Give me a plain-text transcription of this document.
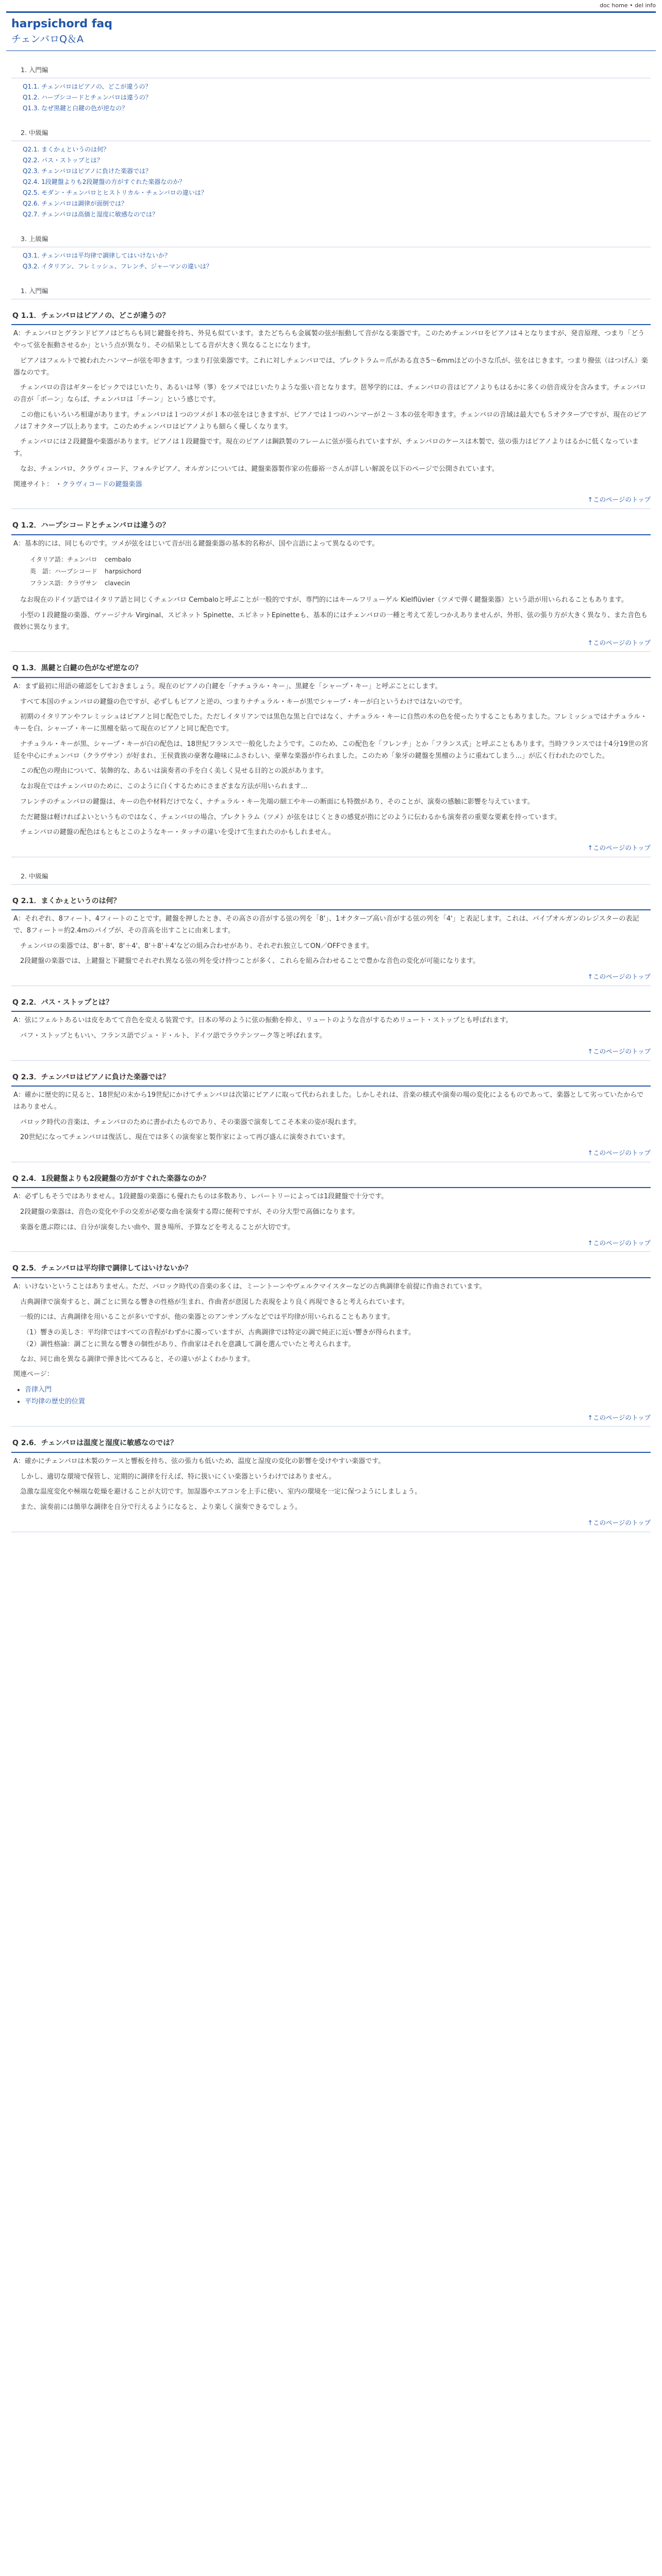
doc home • del info
harpsichord faq
チェンバロQ＆A
1. 入門編
Q1.1. チェンバロはピアノの、どこが違うの？
Q1.2. ハープシコードとチェンバロは違うの？
Q1.3. なぜ黒鍵と白鍵の色が逆なの？
2. 中級編
Q2.1. まくかぇというのは何？
Q2.2. パス・ストップとは？
Q2.3. チェンバロはピアノに負けた楽器では？
Q2.4. 1段鍵盤よりも2段鍵盤の方がすぐれた楽器なのか？
Q2.5. モダン・チェンバロとヒストリカル・チェンバロの違いは？
Q2.6. チェンバロは調律が面倒では？
Q2.7. チェンバロは高価と湿度に敏感なのでは？
3. 上級編
Q3.1. チェンバロは平均律で調律してはいけないか？
Q3.2. イタリアン、フレミッシュ、フレンチ、ジャーマンの違いは？
1. 入門編
Q 1.1．チェンバロはピアノの、どこが違うの？

A：チェンバロとグランドピアノはどちらも同じ鍵盤を持ち、外見も似ています。またどちらも金属製の弦が振動して音がなる楽器です。このためチェンバロをピアノは４となりますが、発音原理、つまり「どうやって弦を振動させるか」という点が異なり、その結果としてる音が大きく異なることになります。

ピアノはフェルトで被われたハンマーが弦を叩きます。つまり打弦楽器です。これに対しチェンバロでは、プレクトラム＝爪がある直さ5～6mmほどの小さな爪が、弦をはじきます。つまり撥弦（はつげん）楽器なのです。

チェンバロの音はギターをピックではじいたり、あるいは琴（箏）をツメではじいたりような張い音となります。琶琴学的には、チェンバロの音はピアノよりもはるかに多くの倍音成分を含みます。チェンバロの音が「ボーン」ならば、チェンバロは「チーン」という感じです。

この他にもいろいろ相違があります。チェンバロは１つのツメが１本の弦をはじきますが、ピアノでは１つのハンマーが２～３本の弦を叩きます。チェンバロの音域は最大でも５オクターブですが、現在のピアノは７オクターブ以上あります。このためチェンバロはピアノよりも細らく優しくなります。

チェンバロには２段鍵盤や楽器があります。ピアノは１段鍵盤です。現在のピアノは鋼鉄製のフレームに弦が張られていますが、チェンバロのケースは木製で、弦の張力はピアノよりはるかに低くなっています。

なお、チェンバロ、クラヴィコード、フォルテピアノ、オルガンについては、鍵盤楽器製作家の佐藤裕一さんが詳しい解説を以下のページで公開されています。

関連サイト： ・クラヴィコードの鍵盤楽器

↑このページのトップ
Q 1.2．ハープシコードとチェンバロは違うの？

A：基本的には、同じものです。ツメが弦をはじいて音が出る鍵盤楽器の基本的名称が、国や言語によって異なるのです。

イタリア語：チェンバロ	cembalo
英　語：ハープシコード	harpsichord
フランス語：クラヴサン	clavecin

なお現在のドイツ語ではイタリア語と同じくチェンバロ Cembaloと呼ぶことが一般的ですが、専門的にはキールフリューゲル Kielflüvier（ツメで弾く鍵盤楽器）という語が用いられることもあります。

小型の１段鍵盤の楽器、ヴァージナル Virginal、スピネット Spinette、エピネットEpinetteも、基本的にはチェンバロの一種と考えて差しつかえありませんが、外形、弦の張り方が大きく異なり、また音色も微妙に異なります。

↑このページのトップ
Q 1.3．黒鍵と白鍵の色がなぜ逆なの？

A：まず最初に用語の確認をしておきましょう。現在のピアノの白鍵を「ナチュラル・キー」、黒鍵を「シャープ・キー」と呼ぶことにします。

すべて本国のチェンバロの鍵盤の色ですが、必ずしもピアノと逆の、つまりナチュラル・キーが黒でシャープ・キーが白というわけではないのです。

初期のイタリアンやフレミッシュはピアノと同じ配色でした。ただしイタリアンでは黒色な黒と白ではなく、ナチュラル・キーに自然の木の色を使ったりすることもありました。フレミッシュではナチュラル・キーを白、シャープ・キーに黒檀を貼って現在のピアノと同じ配色です。

ナチュラル・キーが黒、シャープ・キーが白の配色は、18世紀フランスで一般化したようです。このため、この配色を「フレンチ」とか「フランス式」と呼ぶこともあります。当時フランスでは十4分19世の宮廷を中心にチェンバロ（クラヴサン）が好まれ、王侯貴族の豪奢な趣味にふさわしい、豪華な楽器が作られました。このため「象牙の鍵盤を黒檀のように重ねてしまう...」が広く行われたのでした。

この配色の理由について、装飾的な、あるいは演奏者の手を白く美しく見せる目的との説があります。

なお現在ではチェンバロのために、このように白くするためにさまざまな方法が用いられます...

フレンチのチェンバロの鍵盤は、キーの色や材料だけでなく、ナチュラル・キー先端の細工やキーの断面にも特徴があり、そのことが、演奏の感触に影響を与えています。

ただ鍵盤は軽ければよいというものではなく、チェンバロの場合、プレクトラム（ツメ）が弦をはじくときの感覚が指にどのように伝わるかも演奏者の重要な要素を持っています。

チェンバロの鍵盤の配色はもともとこのようなキー・タッチの違いを受けて生まれたのかもしれません。

↑このページのトップ
2. 中級編
Q 2.1．まくかぇというのは何？

A：それぞれ、8フィート、4フィートのことです。鍵盤を押したとき、その高さの音がする弦の列を「8'」、1オクターブ高い音がする弦の列を「4'」と表記します。これは、パイプオルガンのレジスターの表記で、8フィート＝約2.4mのパイプが、その音高を出すことに由来します。

チェンバロの楽器では、8'＋8'、8'＋4'、8'＋8'＋4'などの組み合わせがあり、それぞれ独立してON／OFFできます。

2段鍵盤の楽器では、上鍵盤と下鍵盤でそれぞれ異なる弦の列を受け持つことが多く、これらを組み合わせることで豊かな音色の変化が可能になります。

↑このページのトップ
Q 2.2．パス・ストップとは？

A：弦にフェルトあるいは皮をあてて音色を変える装置です。日本の琴のように弦の振動を抑え、リュートのような音がするためリュート・ストップとも呼ばれます。

バフ・ストップともいい、フランス語でジュ・ド・ルト、ドイツ語でラウテンツーク等と呼ばれます。

↑このページのトップ
Q 2.3．チェンバロはピアノに負けた楽器では？

A：確かに歴史的に見ると、18世紀の末から19世紀にかけてチェンバロは次第にピアノに取って代わられました。しかしそれは、音楽の様式や演奏の場の変化によるものであって、楽器として劣っていたからではありません。

バロック時代の音楽は、チェンバロのために書かれたものであり、その楽器で演奏してこそ本来の姿が現れます。

20世紀になってチェンバロは復活し、現在では多くの演奏家と製作家によって再び盛んに演奏されています。

↑このページのトップ
Q 2.4．1段鍵盤よりも2段鍵盤の方がすぐれた楽器なのか？

A：必ずしもそうではありません。1段鍵盤の楽器にも優れたものは多数あり、レパートリーによっては1段鍵盤で十分です。

2段鍵盤の楽器は、音色の変化や手の交差が必要な曲を演奏する際に便利ですが、その分大型で高価になります。

楽器を選ぶ際には、自分が演奏したい曲や、置き場所、予算などを考えることが大切です。

↑このページのトップ
Q 2.5．チェンバロは平均律で調律してはいけないか？

A：いけないということはありません。ただ、バロック時代の音楽の多くは、ミーントーンやヴェルクマイスターなどの古典調律を前提に作曲されています。

古典調律で演奏すると、調ごとに異なる響きの性格が生まれ、作曲者が意図した表現をより良く再現できると考えられています。

一般的には、古典調律を用いることが多いですが、他の楽器とのアンサンブルなどでは平均律が用いられることもあります。

（1）響きの美しさ：平均律ではすべての音程がわずかに濁っていますが、古典調律では特定の調で純正に近い響きが得られます。
（2）調性格論：調ごとに異なる響きの個性があり、作曲家はそれを意識して調を選んでいたと考えられます。

なお、同じ曲を異なる調律で弾き比べてみると、その違いがよくわかります。

関連ページ：

• 音律入門
• 平均律の歴史的位置
↑このページのトップ
Q 2.6．チェンバロは温度と湿度に敏感なのでは？

A：確かにチェンバロは木製のケースと響板を持ち、弦の張力も低いため、温度と湿度の変化の影響を受けやすい楽器です。

しかし、適切な環境で保管し、定期的に調律を行えば、特に扱いにくい楽器というわけではありません。

急激な温度変化や極端な乾燥を避けることが大切です。加湿器やエアコンを上手に使い、室内の環境を一定に保つようにしましょう。

また、演奏前には簡単な調律を自分で行えるようになると、より楽しく演奏できるでしょう。

↑このページのトップ
